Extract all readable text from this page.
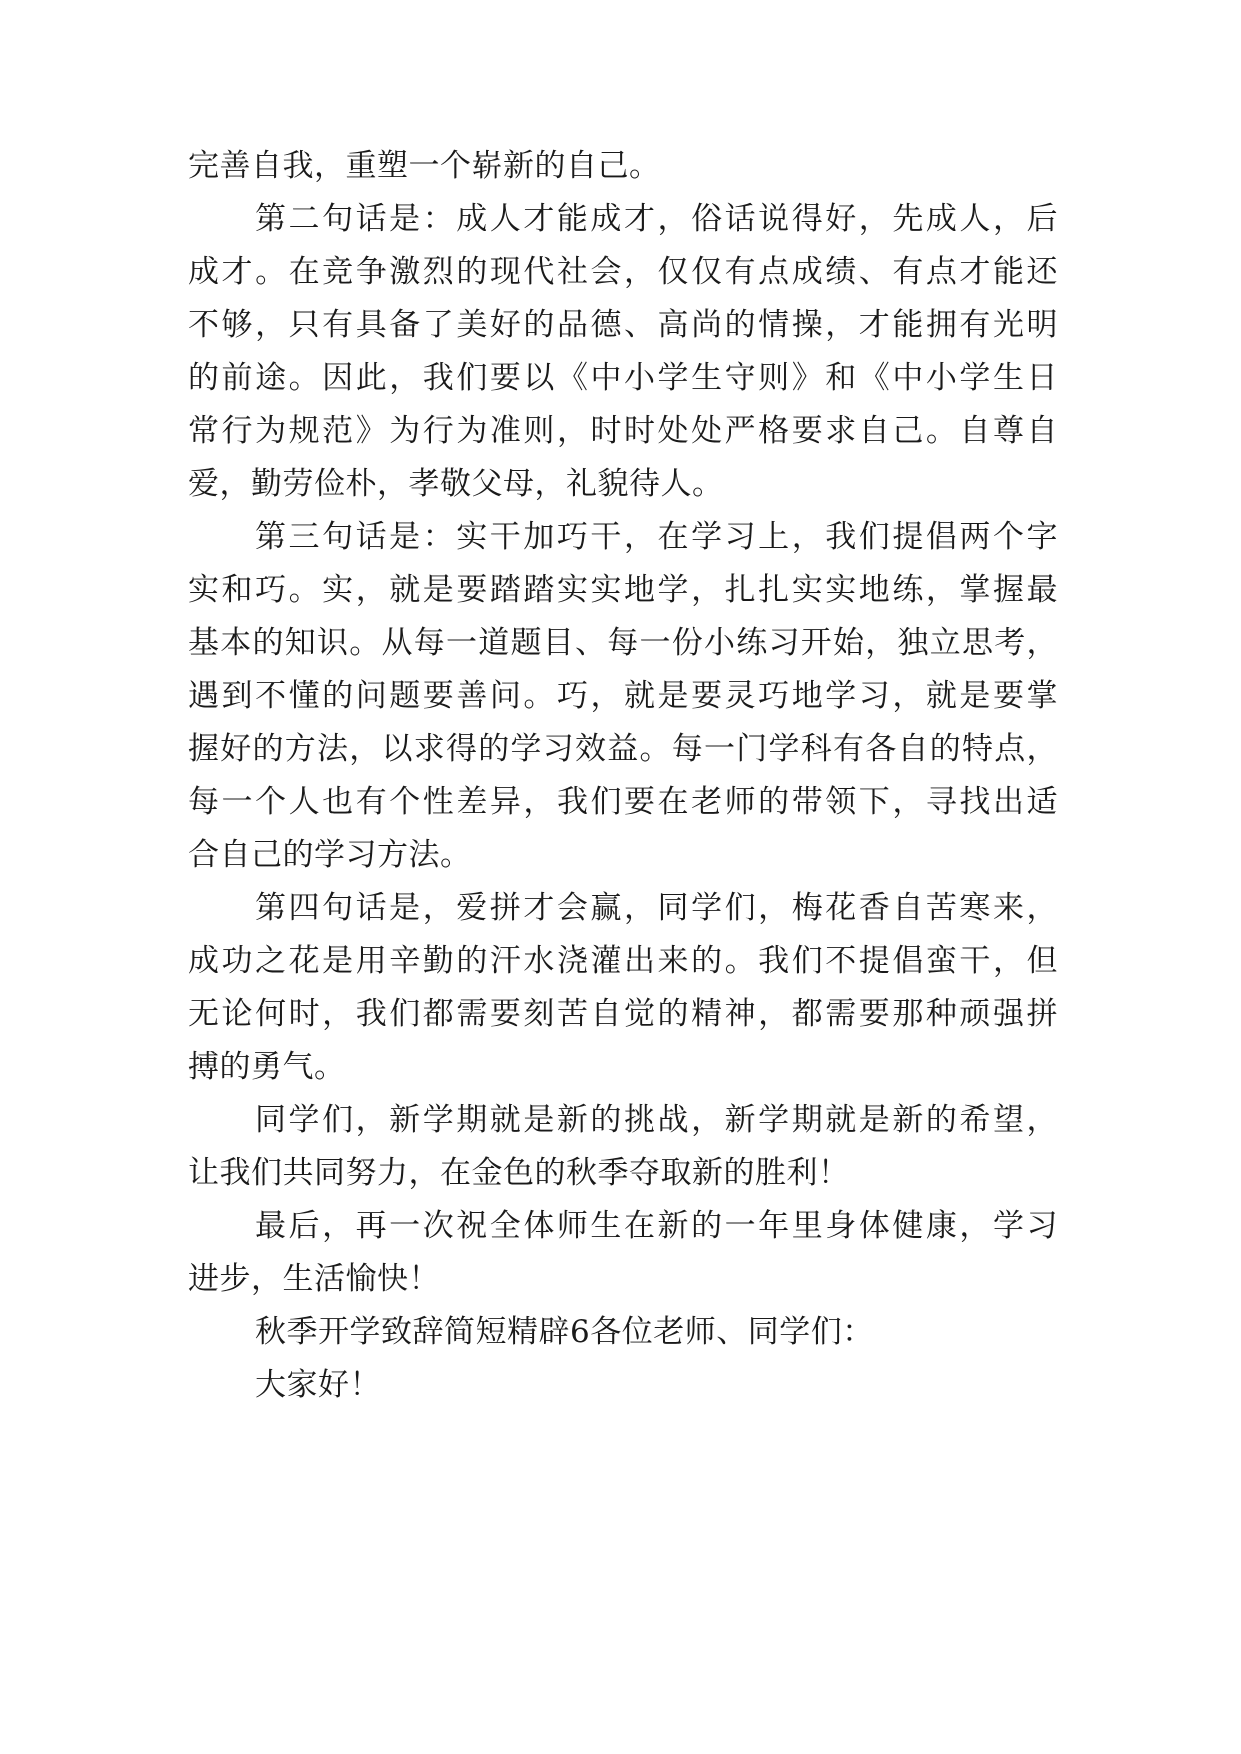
完善自我，重塑一个崭新的自己。
第二句话是：成人才能成才，俗话说得好，先成人，后
成才。在竞争激烈的现代社会，仅仅有点成绩、有点才能还
不够，只有具备了美好的品德、高尚的情操，才能拥有光明
的前途。因此，我们要以《中小学生守则》和《中小学生日
常行为规范》为行为准则，时时处处严格要求自己。自尊自
爱，勤劳俭朴，孝敬父母，礼貌待人。
第三句话是：实干加巧干，在学习上，我们提倡两个字
实和巧。实，就是要踏踏实实地学，扎扎实实地练，掌握最
基本的知识。从每一道题目、每一份小练习开始，独立思考，
遇到不懂的问题要善问。巧，就是要灵巧地学习，就是要掌
握好的方法，以求得的学习效益。每一门学科有各自的特点，
每一个人也有个性差异，我们要在老师的带领下，寻找出适
合自己的学习方法。
第四句话是，爱拼才会赢，同学们，梅花香自苦寒来，
成功之花是用辛勤的汗水浇灌出来的。我们不提倡蛮干，但
无论何时，我们都需要刻苦自觉的精神，都需要那种顽强拼
搏的勇气。
同学们，新学期就是新的挑战，新学期就是新的希望，
让我们共同努力，在金色的秋季夺取新的胜利！
最后，再一次祝全体师生在新的一年里身体健康，学习
进步，生活愉快！
秋季开学致辞简短精辟6各位老师、同学们：
大家好！
